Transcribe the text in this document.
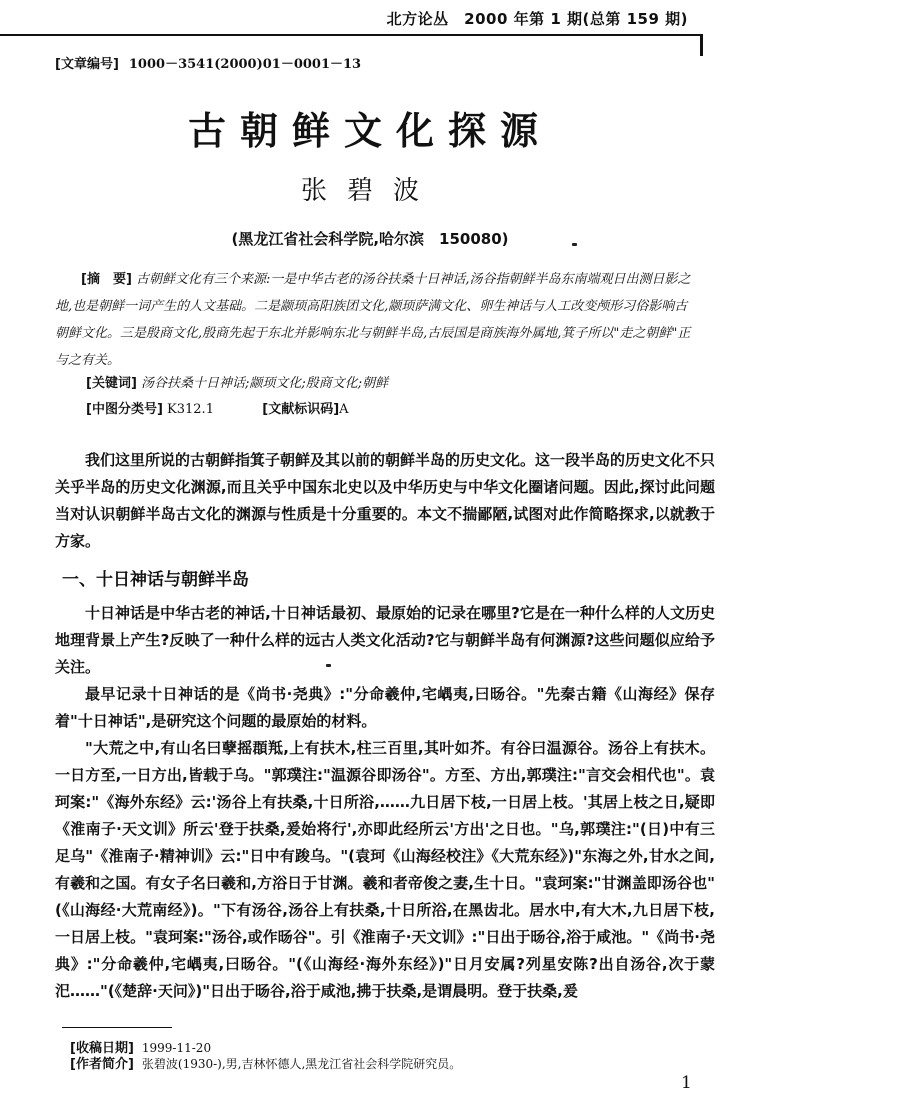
北方论丛　2000 年第 1 期(总第 159 期)
[文章编号] 1000－3541(2000)01－0001－13
古朝鲜文化探源
张碧波
(黑龙江省社会科学院,哈尔滨　150080)
[摘　要] 古朝鲜文化有三个来源:一是中华古老的汤谷扶桑十日神话,汤谷指朝鲜半岛东南端观日出测日影之地,也是朝鲜一词产生的人文基础。二是颛顼高阳族团文化,颛顼萨满文化、卵生神话与人工改变颅形习俗影响古朝鲜文化。三是殷商文化,殷商先起于东北并影响东北与朝鲜半岛,古辰国是商族海外属地,箕子所以"走之朝鲜"正与之有关。
[关键词] 汤谷扶桑十日神话;颛顼文化;殷商文化;朝鲜
[中图分类号] K312.1	[文献标识码]A

我们这里所说的古朝鲜指箕子朝鲜及其以前的朝鲜半岛的历史文化。这一段半岛的历史文化不只关乎半岛的历史文化渊源,而且关乎中国东北史以及中华历史与中华文化圈诸问题。因此,探讨此问题当对认识朝鲜半岛古文化的渊源与性质是十分重要的。本文不揣鄙陋,试图对此作简略探求,以就教于方家。

一、十日神话与朝鲜半岛

十日神话是中华古老的神话,十日神话最初、最原始的记录在哪里?它是在一种什么样的人文历史地理背景上产生?反映了一种什么样的远古人类文化活动?它与朝鲜半岛有何渊源?这些问题似应给予关注。

最早记录十日神话的是《尚书·尧典》:"分命羲仲,宅嵎夷,曰旸谷。"先秦古籍《山海经》保存着"十日神话",是研究这个问题的最原始的材料。

"大荒之中,有山名曰孽摇頵羝,上有扶木,柱三百里,其叶如芥。有谷曰温源谷。汤谷上有扶木。一日方至,一日方出,皆载于乌。"郭璞注:"温源谷即汤谷"。方至、方出,郭璞注:"言交会相代也"。袁珂案:"《海外东经》云:'汤谷上有扶桑,十日所浴,……九日居下枝,一日居上枝。'其居上枝之日,疑即《淮南子·天文训》所云'登于扶桑,爰始将行',亦即此经所云'方出'之日也。"乌,郭璞注:"(日)中有三足乌"《淮南子·精神训》云:"日中有踆乌。"(袁珂《山海经校注》《大荒东经》)"东海之外,甘水之间,有羲和之国。有女子名曰羲和,方浴日于甘渊。羲和者帝俊之妻,生十日。"袁珂案:"甘渊盖即汤谷也"(《山海经·大荒南经》)。"下有汤谷,汤谷上有扶桑,十日所浴,在黑齿北。居水中,有大木,九日居下枝,一日居上枝。"袁珂案:"汤谷,或作旸谷"。引《淮南子·天文训》:"日出于旸谷,浴于咸池。"《尚书·尧典》:"分命羲仲,宅嵎夷,曰旸谷。"(《山海经·海外东经》)"日月安属?列星安陈?出自汤谷,次于蒙汜……"(《楚辞·天问》)"日出于旸谷,浴于咸池,拂于扶桑,是谓晨明。登于扶桑,爰

[收稿日期] 1999-11-20
[作者简介] 张碧波(1930-),男,吉林怀德人,黑龙江省社会科学院研究员。
1
